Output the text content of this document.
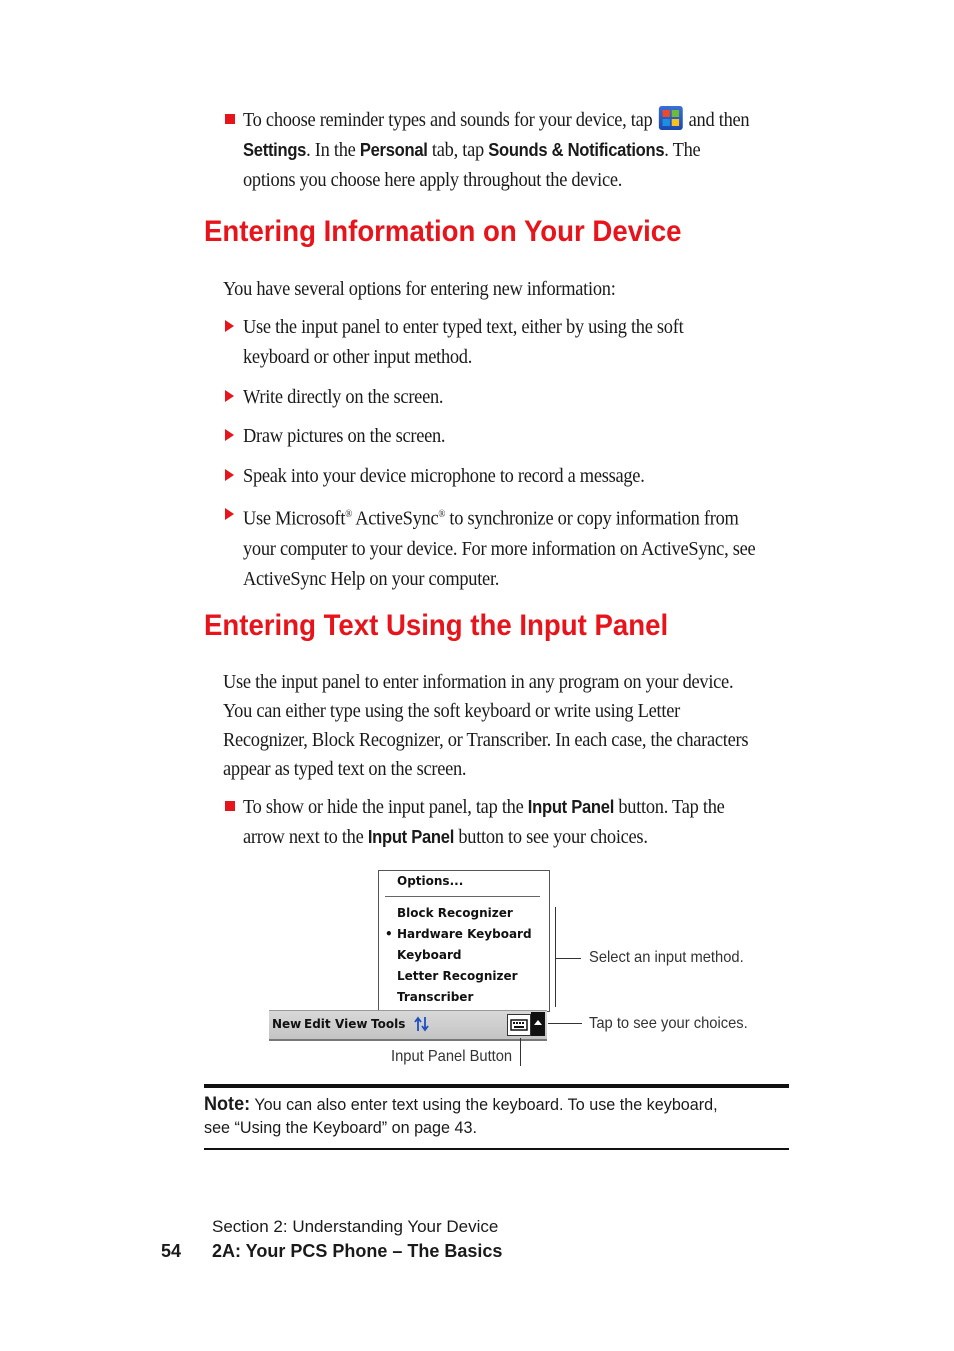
To choose reminder types and sounds for your device, tap
and then
Settings. In the Personal tab, tap Sounds & Notifications. The
options you choose here apply throughout the device.
Entering Information on Your Device
You have several options for entering new information:
Use the input panel to enter typed text, either by using the soft
keyboard or other input method.
Write directly on the screen.
Draw pictures on the screen.
Speak into your device microphone to record a message.
Use Microsoft® ActiveSync® to synchronize or copy information from
your computer to your device. For more information on ActiveSync, see
ActiveSync Help on your computer.
Entering Text Using the Input Panel
Use the input panel to enter information in any program on your device.
You can either type using the soft keyboard or write using Letter
Recognizer, Block Recognizer, or Transcriber. In each case, the characters
appear as typed text on the screen.
To show or hide the input panel, tap the Input Panel button. Tap the
arrow next to the Input Panel button to see your choices.
Options...
Block Recognizer
• Hardware Keyboard
Keyboard
Letter Recognizer
Transcriber
New Edit View Tools
Select an input method.
Tap to see your choices.
Input Panel Button
Note: You can also enter text using the keyboard. To use the keyboard,
see “Using the Keyboard” on page 43.
Section 2: Understanding Your Device
54 2A: Your PCS Phone – The Basics
